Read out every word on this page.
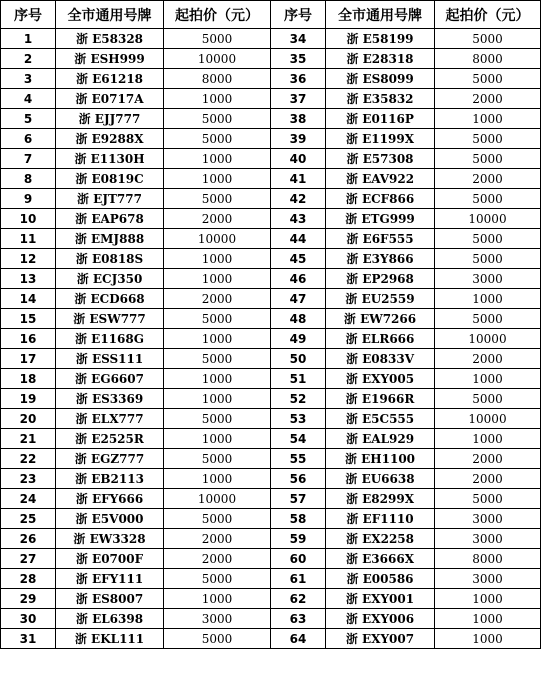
序号	全市通用号牌	起拍价（元）	序号	全市通用号牌	起拍价（元）
1	浙 E58328	5000	34	浙 E58199	5000
2	浙 ESH999	10000	35	浙 E28318	8000
3	浙 E61218	8000	36	浙 ES8099	5000
4	浙 E0717A	1000	37	浙 E35832	2000
5	浙 EJJ777	5000	38	浙 E0116P	1000
6	浙 E9288X	5000	39	浙 E1199X	5000
7	浙 E1130H	1000	40	浙 E57308	5000
8	浙 E0819C	1000	41	浙 EAV922	2000
9	浙 EJT777	5000	42	浙 ECF866	5000
10	浙 EAP678	2000	43	浙 ETG999	10000
11	浙 EMJ888	10000	44	浙 E6F555	5000
12	浙 E0818S	1000	45	浙 E3Y866	5000
13	浙 ECJ350	1000	46	浙 EP2968	3000
14	浙 ECD668	2000	47	浙 EU2559	1000
15	浙 ESW777	5000	48	浙 EW7266	5000
16	浙 E1168G	1000	49	浙 ELR666	10000
17	浙 ESS111	5000	50	浙 E0833V	2000
18	浙 EG6607	1000	51	浙 EXY005	1000
19	浙 ES3369	1000	52	浙 E1966R	5000
20	浙 ELX777	5000	53	浙 E5C555	10000
21	浙 E2525R	1000	54	浙 EAL929	1000
22	浙 EGZ777	5000	55	浙 EH1100	2000
23	浙 EB2113	1000	56	浙 EU6638	2000
24	浙 EFY666	10000	57	浙 E8299X	5000
25	浙 E5V000	5000	58	浙 EF1110	3000
26	浙 EW3328	2000	59	浙 EX2258	3000
27	浙 E0700F	2000	60	浙 E3666X	8000
28	浙 EFY111	5000	61	浙 E00586	3000
29	浙 ES8007	1000	62	浙 EXY001	1000
30	浙 EL6398	3000	63	浙 EXY006	1000
31	浙 EKL111	5000	64	浙 EXY007	1000
